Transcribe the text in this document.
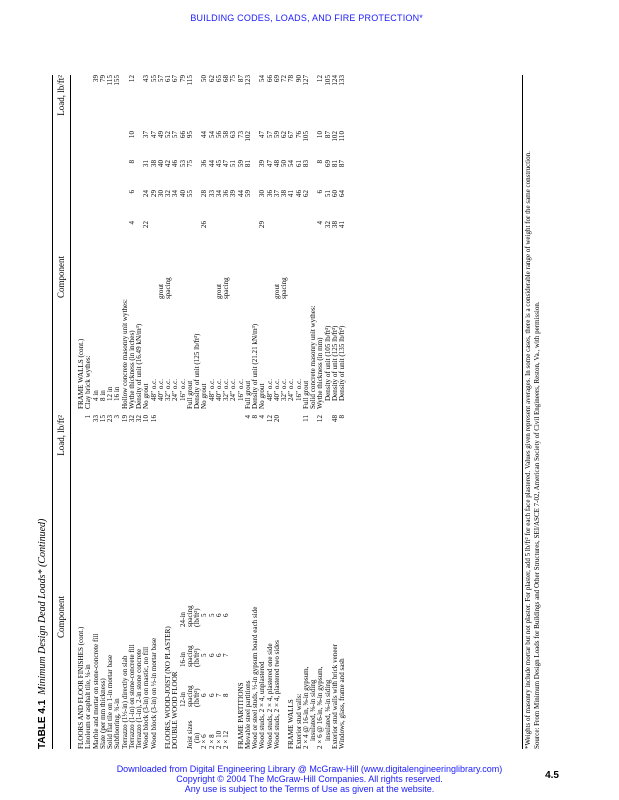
BUILDING CODES, LOADS, AND FIRE PROTECTION*
TABLE 4.1  Minimum Design Dead Loads* (Continued) Component
Load, lb/ft²
FLOORS AND FLOOR FINISHES (cont.) Linoleum or asphalt tile, ¼-in
1
Marble and mortar on stone-concrete fill
33
Slate (per mm thickness)
15
Solid flat tile on 1-in mortar base
23
Subflooring, ¾-in
3
Terrazzo (1½-in) directly on slab
19
Terrazzo (1-in) on stone-concrete fill
32
Terrazzo (1-in), 2-in stone concrete
32
Wood block (3-in) on mastic, no fill
10
Wood block (3-in) on ½-in mortar base
16
FLOORS, WOOD-JOIST (NO PLASTER) DOUBLE WOOD FLOOR 12-in
16-in
24-in
Joist sizes
spacing
spacing
spacing
(in)
(lb/ft²)
(lb/ft²)
(lb/ft²)
2 × 6
6
5
5
2 × 8
6
6
5
2 × 10
7
6
6
2 × 12
8
7
6
FRAME PARTITIONS Movable steel partitions
4
Wood or steel studs, ½-in gypsum board each side
8
Wood studs, 2 × 4, unplastered
4
Wood studs, 2 × 4, plastered one side
12
Wood studs, 2 × 4, plastered two sides
20
FRAME WALLS Exterior stud walls: 2 × 4 @ 16-in, ⅝-in gypsum,
11
insulated, ⅜-in siding 2 × 6 @ 16-in, ⅝-in gypsum,
12
insulated, ⅜-in siding Exterior stud walls with brick veneer
48
Windows, glass, frame and sash
8
Component
Load, lb/ft²
FRAME WALLS (cont.) Clay brick wythes: 4 in
39
8 in
79
12 in
115
16 in
155
Hollow concrete masonry unit wythes: Wythe thickness (in inches)
4
6
8
10
12
Density of unit (16.49 kN/m³) No grout
22
24
31
37
43
48″ o.c.
29
38
47
55
40″ o.c.
grout
30
40
49
57
32″ o.c.
spacing
32
42
52
61
24″ o.c.
34
46
57
67
16″ o.c.
40
53
66
79
Full grout
55
75
95
115
Density of unit (125 lb/ft³) No grout
26
28
36
44
50
48″ o.c.
33
44
54
62
40″ o.c.
grout
34
45
56
65
32″ o.c.
spacing
36
47
58
68
24″ o.c.
39
51
63
75
16″ o.c.
44
59
73
87
Full grout
59
81
102
123
Density of unit (21.21 kN/m³) No grout
29
30
39
47
54
48″ o.c.
36
47
57
66
40″ o.c.
grout
37
48
59
69
32″ o.c.
spacing
38
50
62
72
24″ o.c.
41
54
67
78
16″ o.c.
46
61
76
90
Full grout
62
83
105
127
Solid concrete masonry unit wythes: Wythe thickness (in mm)
4
6
8
10
12
Density of unit (105 lb/ft³)
32
51
69
87
105
Density of unit (125 lb/ft³)
38
60
81
102
124
Density of unit (135 lb/ft³)
41
64
87
110
133
*Weights of masonry include mortar but not plaster. For plaster, add 5 lb/ft² for each face plastered. Values given represent averages. In some cases, there is a considerable range of weight for the same construction. Source: From Minimum Design Loads for Buildings and Other Structures, SEI/ASCE 7-02, American Society of Civil Engineers, Reston, Va., with permission.
4.5
Downloaded from Digital Engineering Library @ McGraw-Hill (www.digitalengineeringlibrary.com)
Copyright © 2004 The McGraw-Hill Companies. All rights reserved.
Any use is subject to the Terms of Use as given at the website.
